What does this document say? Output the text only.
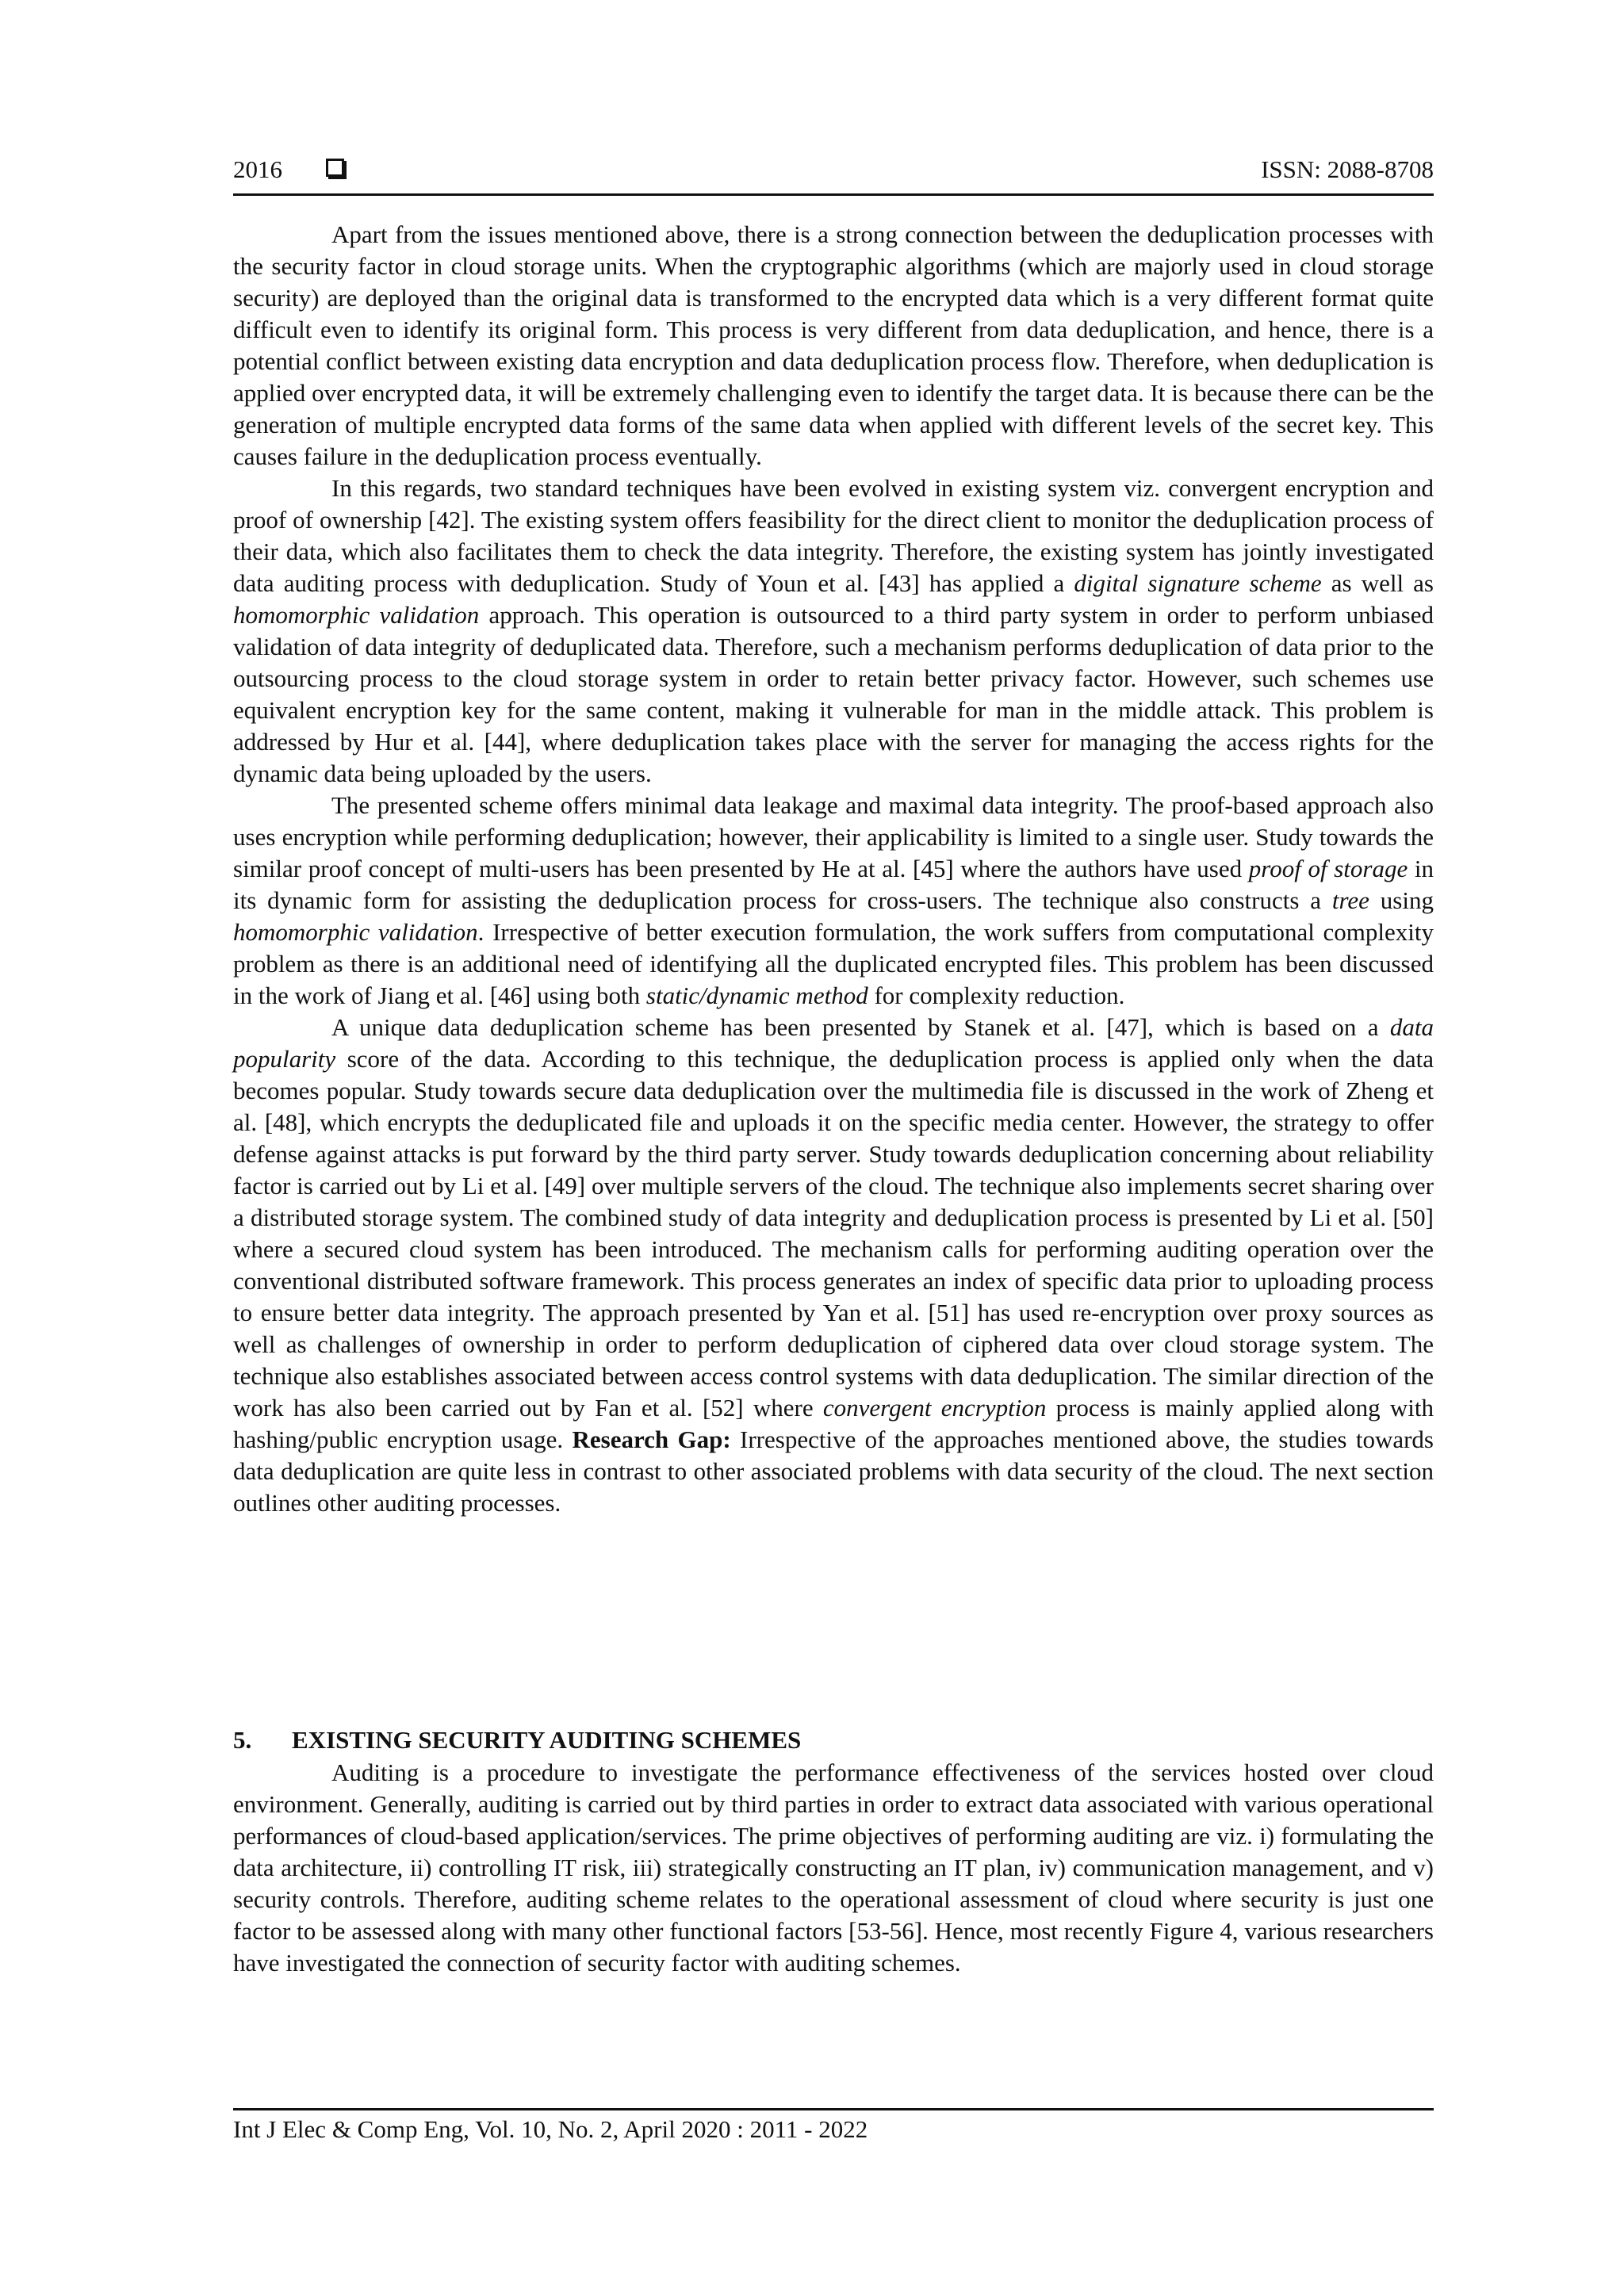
2016	ISSN: 2088-8708

Apart from the issues mentioned above, there is a strong connection between the deduplication processes with the security factor in cloud storage units. When the cryptographic algorithms (which are majorly used in cloud storage security) are deployed than the original data is transformed to the encrypted data which is a very different format quite difficult even to identify its original form. This process is very different from data deduplication, and hence, there is a potential conflict between existing data encryption and data deduplication process flow. Therefore, when deduplication is applied over encrypted data, it will be extremely challenging even to identify the target data. It is because there can be the generation of multiple encrypted data forms of the same data when applied with different levels of the secret key. This causes failure in the deduplication process eventually.

In this regards, two standard techniques have been evolved in existing system viz. convergent encryption and proof of ownership [42]. The existing system offers feasibility for the direct client to monitor the deduplication process of their data, which also facilitates them to check the data integrity. Therefore, the existing system has jointly investigated data auditing process with deduplication. Study of Youn et al. [43] has applied a digital signature scheme as well as homomorphic validation approach. This operation is outsourced to a third party system in order to perform unbiased validation of data integrity of deduplicated data. Therefore, such a mechanism performs deduplication of data prior to the outsourcing process to the cloud storage system in order to retain better privacy factor. However, such schemes use equivalent encryption key for the same content, making it vulnerable for man in the middle attack. This problem is addressed by Hur et al. [44], where deduplication takes place with the server for managing the access rights for the dynamic data being uploaded by the users.

The presented scheme offers minimal data leakage and maximal data integrity. The proof-based approach also uses encryption while performing deduplication; however, their applicability is limited to a single user. Study towards the similar proof concept of multi-users has been presented by He at al. [45] where the authors have used proof of storage in its dynamic form for assisting the deduplication process for cross-users. The technique also constructs a tree using homomorphic validation. Irrespective of better execution formulation, the work suffers from computational complexity problem as there is an additional need of identifying all the duplicated encrypted files. This problem has been discussed in the work of Jiang et al. [46] using both static/dynamic method for complexity reduction.

A unique data deduplication scheme has been presented by Stanek et al. [47], which is based on a data popularity score of the data. According to this technique, the deduplication process is applied only when the data becomes popular. Study towards secure data deduplication over the multimedia file is discussed in the work of Zheng et al. [48], which encrypts the deduplicated file and uploads it on the specific media center. However, the strategy to offer defense against attacks is put forward by the third party server. Study towards deduplication concerning about reliability factor is carried out by Li et al. [49] over multiple servers of the cloud. The technique also implements secret sharing over a distributed storage system. The combined study of data integrity and deduplication process is presented by Li et al. [50] where a secured cloud system has been introduced. The mechanism calls for performing auditing operation over the conventional distributed software framework. This process generates an index of specific data prior to uploading process to ensure better data integrity. The approach presented by Yan et al. [51] has used re-encryption over proxy sources as well as challenges of ownership in order to perform deduplication of ciphered data over cloud storage system. The technique also establishes associated between access control systems with data deduplication. The similar direction of the work has also been carried out by Fan et al. [52] where convergent encryption process is mainly applied along with hashing/public encryption usage. Research Gap: Irrespective of the approaches mentioned above, the studies towards data deduplication are quite less in contrast to other associated problems with data security of the cloud. The next section outlines other auditing processes.

5. EXISTING SECURITY AUDITING SCHEMES

Auditing is a procedure to investigate the performance effectiveness of the services hosted over cloud environment. Generally, auditing is carried out by third parties in order to extract data associated with various operational performances of cloud-based application/services. The prime objectives of performing auditing are viz. i) formulating the data architecture, ii) controlling IT risk, iii) strategically constructing an IT plan, iv) communication management, and v) security controls. Therefore, auditing scheme relates to the operational assessment of cloud where security is just one factor to be assessed along with many other functional factors [53-56]. Hence, most recently Figure 4, various researchers have investigated the connection of security factor with auditing schemes.

Int J Elec & Comp Eng, Vol. 10, No. 2, April 2020 : 2011 - 2022
